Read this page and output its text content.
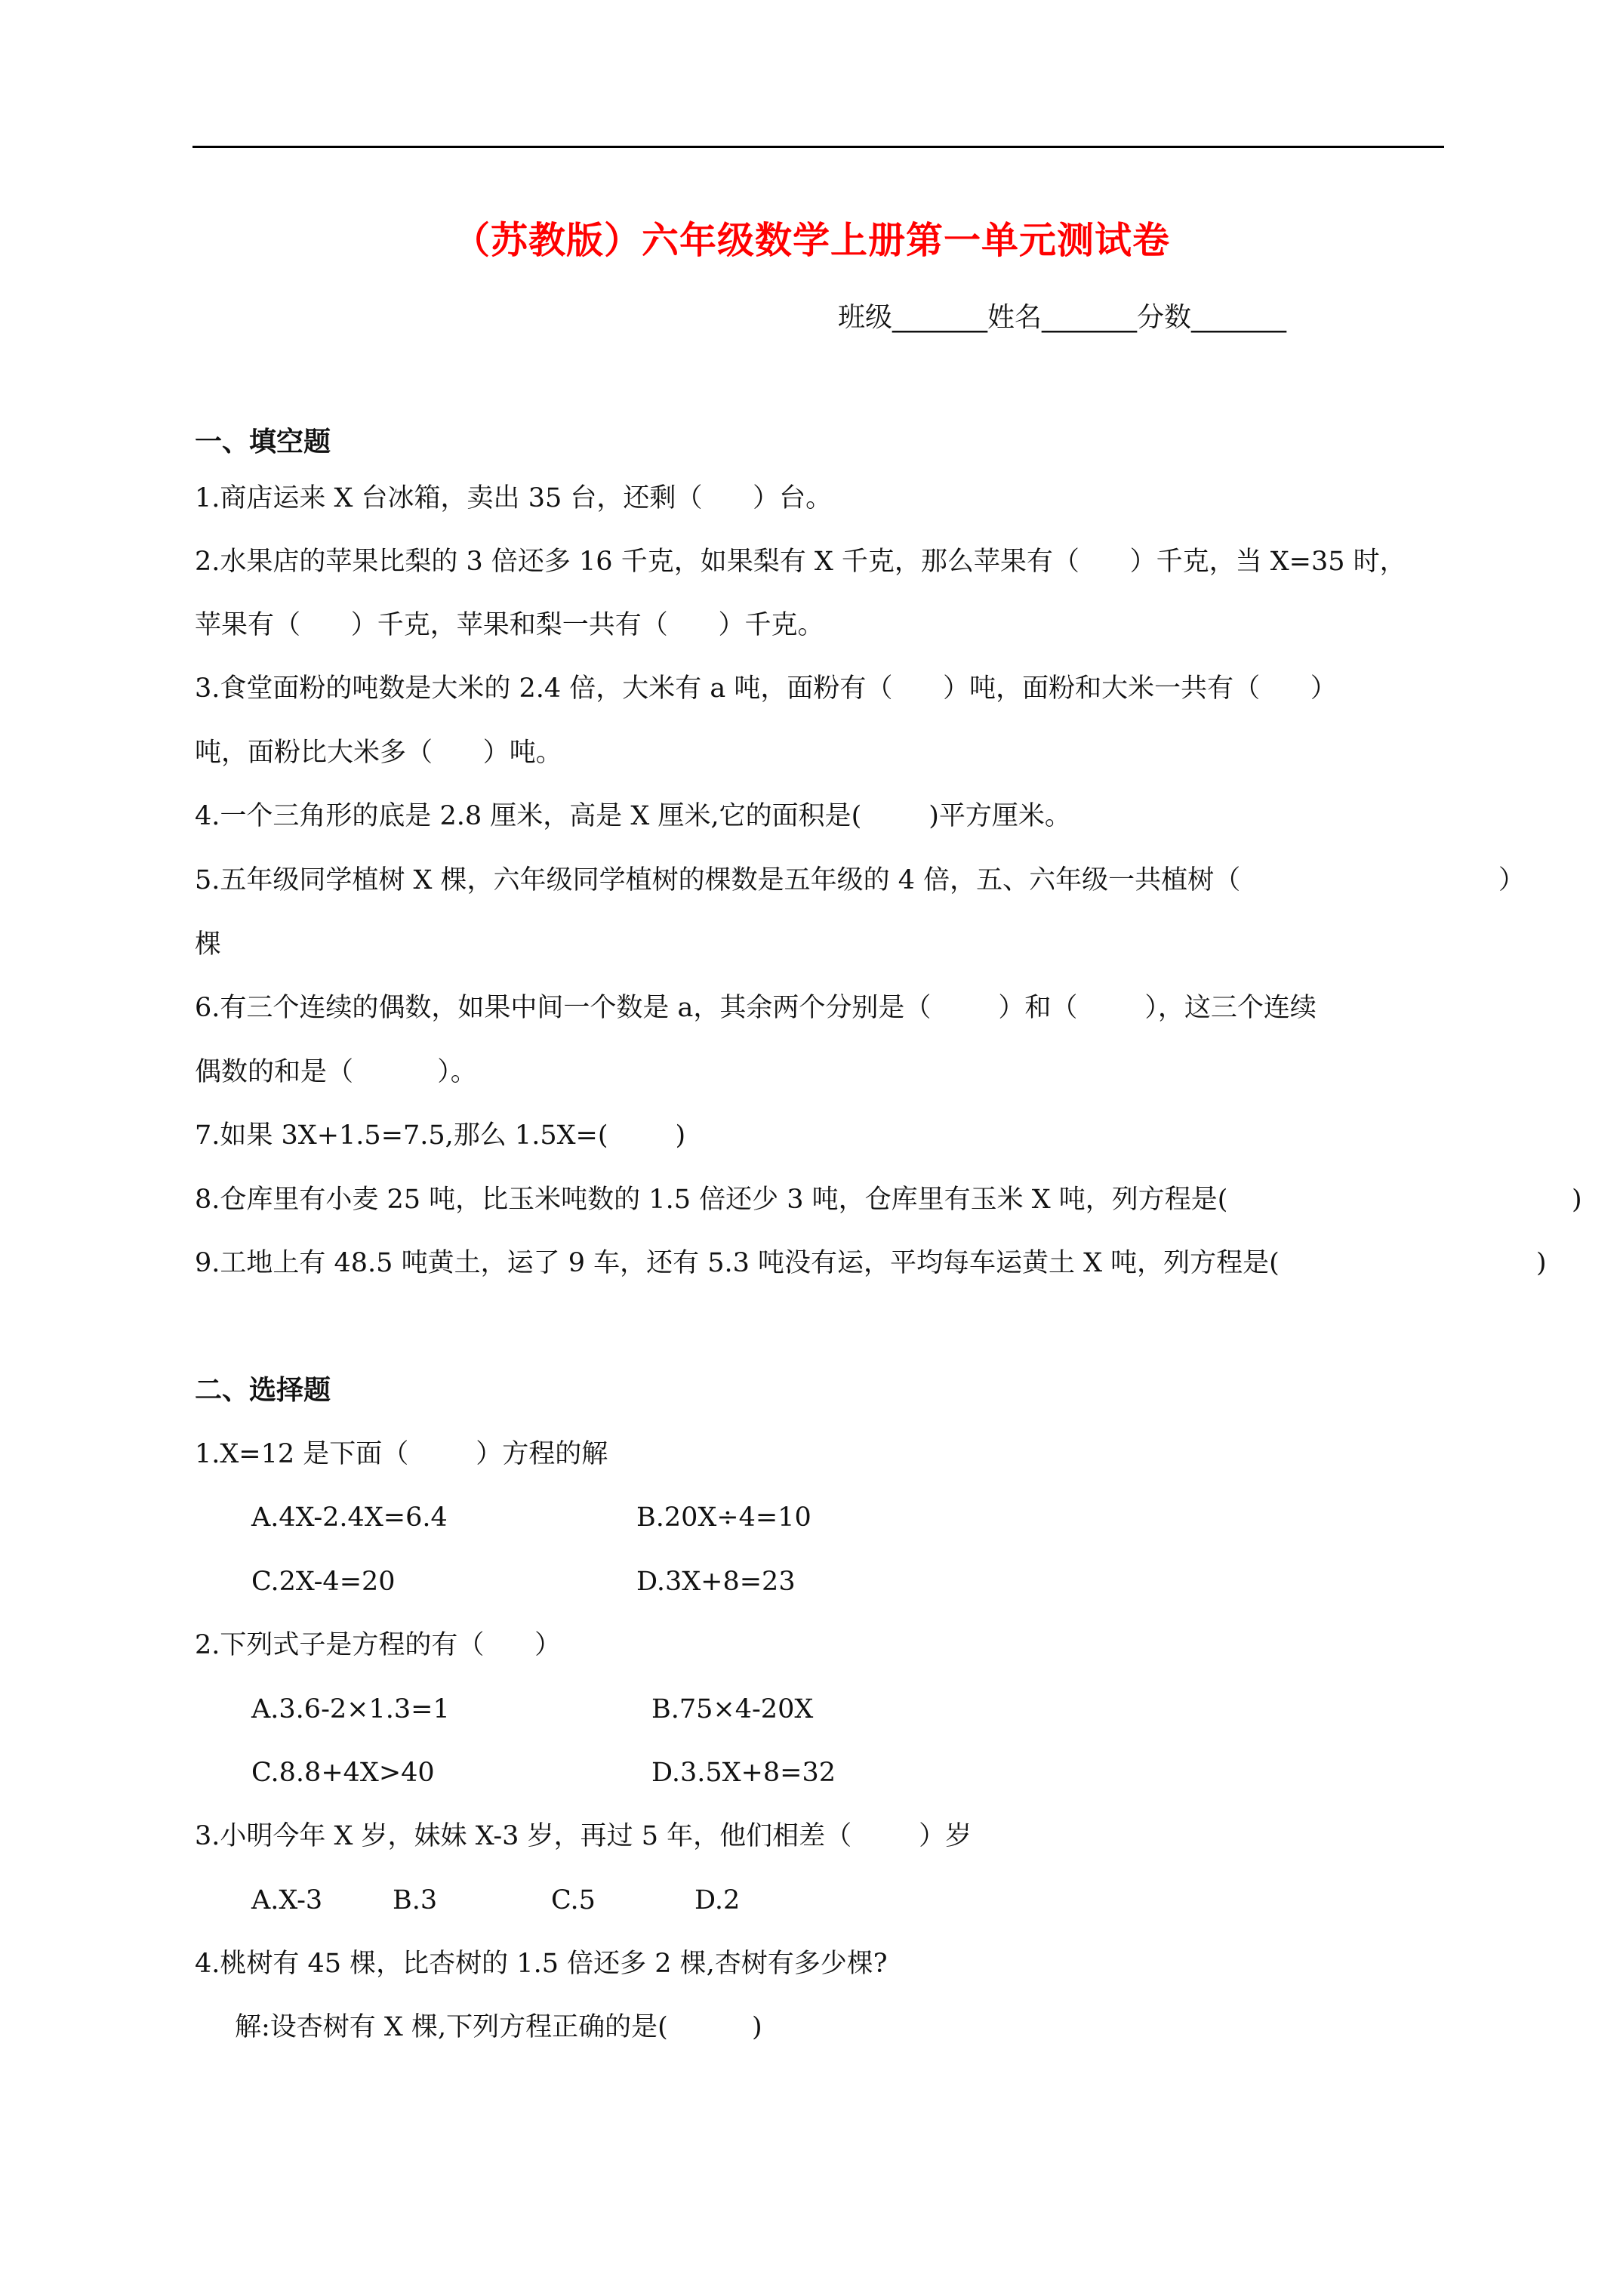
（苏教版）六年级数学上册第一单元测试卷
班级_______姓名_______分数_______
一、填空题
1.商店运来 X 台冰箱，卖出 35 台，还剩（      ）台。
2.水果店的苹果比梨的 3 倍还多 16 千克，如果梨有 X 千克，那么苹果有（      ）千克，当 X=35 时，
苹果有（      ）千克，苹果和梨一共有（      ）千克。
3.食堂面粉的吨数是大米的 2.4 倍，大米有 a 吨，面粉有（      ）吨，面粉和大米一共有（      ）
吨，面粉比大米多（      ）吨。
4.一个三角形的底是 2.8 厘米，高是 X 厘米,它的面积是(        )平方厘米。
5.五年级同学植树 X 棵，六年级同学植树的棵数是五年级的 4 倍，五、六年级一共植树（	）
棵
6.有三个连续的偶数，如果中间一个数是 a，其余两个分别是（        ）和（        ），这三个连续
偶数的和是（          ）。
7.如果 3X+1.5=7.5,那么 1.5X=(        )
8.仓库里有小麦 25 吨，比玉米吨数的 1.5 倍还少 3 吨，仓库里有玉米 X 吨，列方程是(	)
9.工地上有 48.5 吨黄土，运了 9 车，还有 5.3 吨没有运，平均每车运黄土 X 吨，列方程是(	)
二、选择题
1.X=12 是下面（        ）方程的解
A.4X-2.4X=6.4	B.20X÷4=10
C.2X-4=20	D.3X+8=23
2.下列式子是方程的有（      ）
A.3.6-2×1.3=1	B.75×4-20X
C.8.8+4X>40	D.3.5X+8=32
3.小明今年 X 岁，妹妹 X-3 岁，再过 5 年，他们相差（        ）岁
A.X-3	B.3	C.5	D.2
4.桃树有 45 棵，比杏树的 1.5 倍还多 2 棵,杏树有多少棵?
解:设杏树有 X 棵,下列方程正确的是(          )
